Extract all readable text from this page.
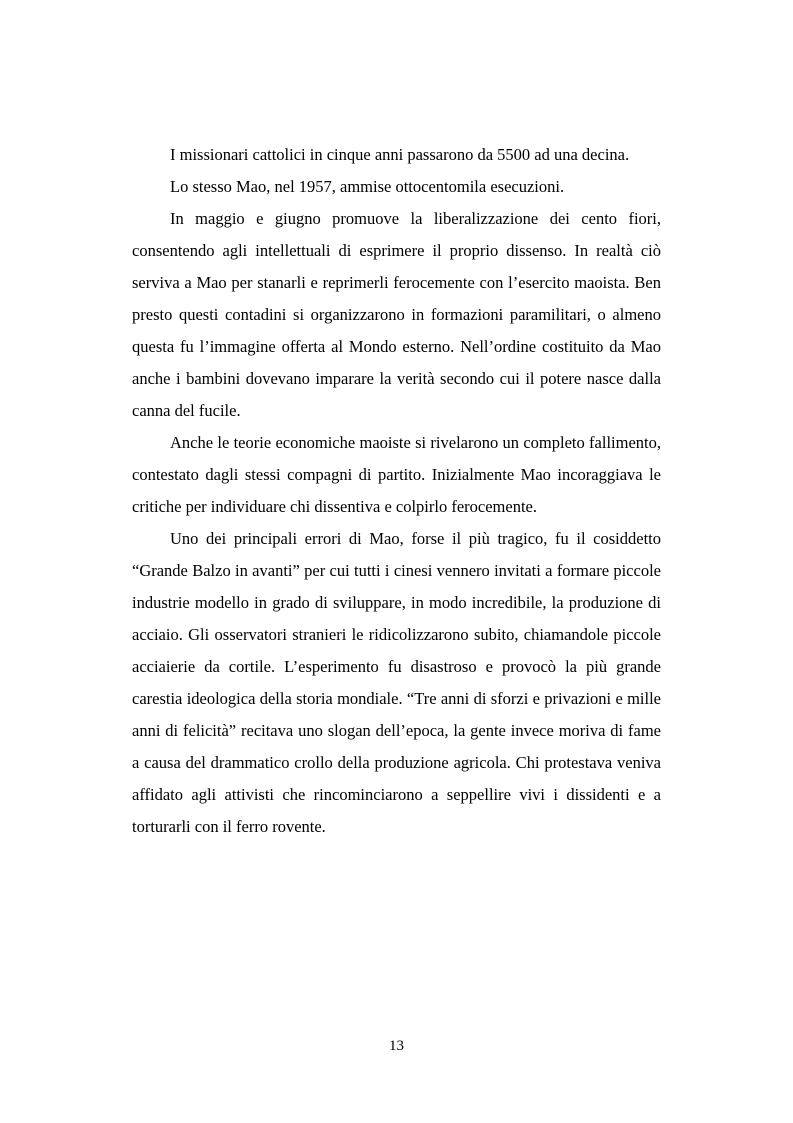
I missionari cattolici in cinque anni passarono da 5500 ad una decina.

Lo stesso Mao, nel 1957, ammise ottocentomila esecuzioni.

In maggio e giugno promuove la liberalizzazione dei cento fiori, consentendo agli intellettuali di esprimere il proprio dissenso. In realtà ciò serviva a Mao per stanarli e reprimerli ferocemente con l’esercito maoista. Ben presto questi contadini si organizzarono in formazioni paramilitari, o almeno questa fu l’immagine offerta al Mondo esterno. Nell’ordine costituito da Mao anche i bambini dovevano imparare la verità secondo cui il potere nasce dalla canna del fucile.

Anche le teorie economiche maoiste si rivelarono un completo fallimento, contestato dagli stessi compagni di partito. Inizialmente Mao incoraggiava le critiche per individuare chi dissentiva e colpirlo ferocemente.

Uno dei principali errori di Mao, forse il più tragico, fu il cosiddetto “Grande Balzo in avanti” per cui tutti i cinesi vennero invitati a formare piccole industrie modello in grado di sviluppare, in modo incredibile, la produzione di acciaio. Gli osservatori stranieri le ridicolizzarono subito, chiamandole piccole acciaierie da cortile. L’esperimento fu disastroso e provocò la più grande carestia ideologica della storia mondiale. “Tre anni di sforzi e privazioni e mille anni di felicità” recitava uno slogan dell’epoca, la gente invece moriva di fame a causa del drammatico crollo della produzione agricola. Chi protestava veniva affidato agli attivisti che rincominciarono a seppellire vivi i dissidenti e a torturarli con il ferro rovente.

13
